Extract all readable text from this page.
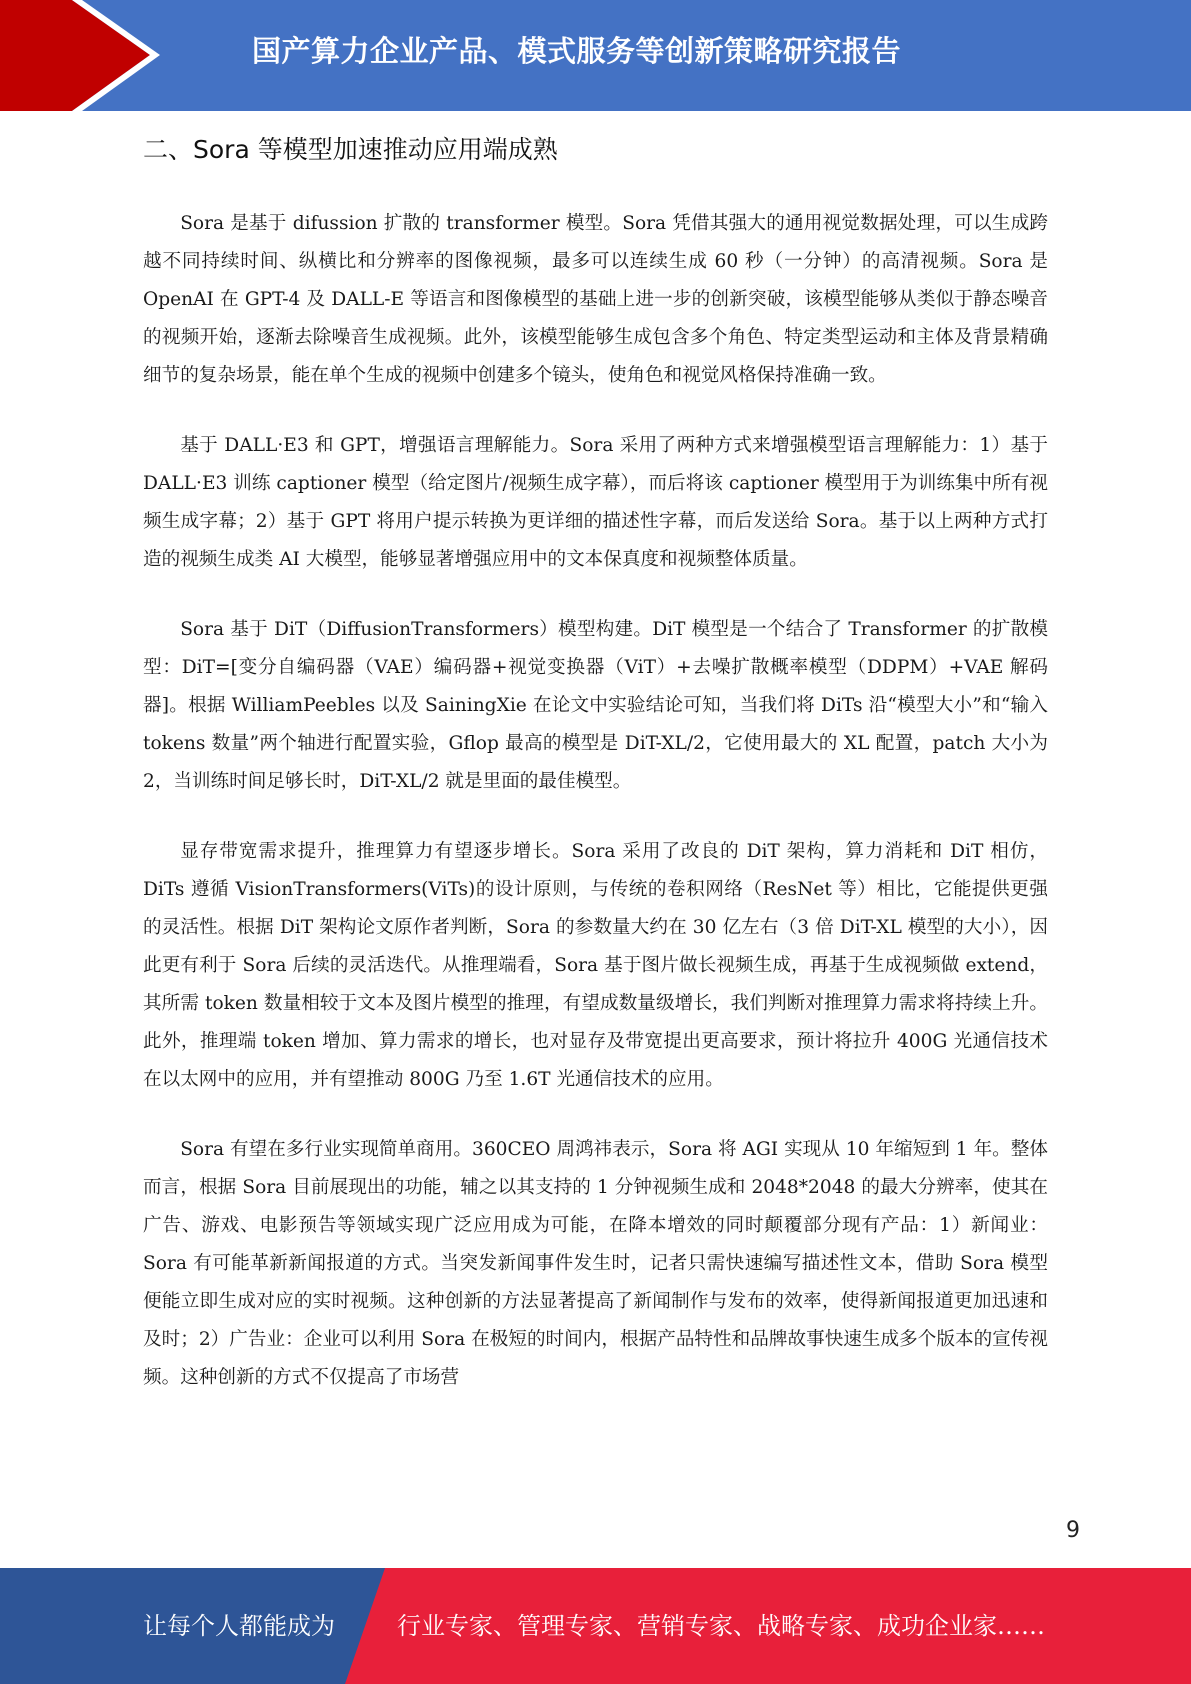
国产算力企业产品、模式服务等创新策略研究报告
二、Sora 等模型加速推动应用端成熟

Sora 是基于 difussion 扩散的 transformer 模型。Sora 凭借其强大的通用视觉数据处理，可以生成跨越不同持续时间、纵横比和分辨率的图像视频，最多可以连续生成 60 秒（一分钟）的高清视频。Sora 是 OpenAI 在 GPT-4 及 DALL-E 等语言和图像模型的基础上进一步的创新突破，该模型能够从类似于静态噪音的视频开始，逐渐去除噪音生成视频。此外，该模型能够生成包含多个角色、特定类型运动和主体及背景精确细节的复杂场景，能在单个生成的视频中创建多个镜头，使角色和视觉风格保持准确一致。

基于 DALL·E3 和 GPT，增强语言理解能力。Sora 采用了两种方式来增强模型语言理解能力：1）基于 DALL·E3 训练 captioner 模型（给定图片/视频生成字幕），而后将该 captioner 模型用于为训练集中所有视频生成字幕；2）基于 GPT 将用户提示转换为更详细的描述性字幕，而后发送给 Sora。基于以上两种方式打造的视频生成类 AI 大模型，能够显著增强应用中的文本保真度和视频整体质量。

Sora 基于 DiT（DiffusionTransformers）模型构建。DiT 模型是一个结合了 Transformer 的扩散模型：DiT=[变分自编码器（VAE）编码器+视觉变换器（ViT）+去噪扩散概率模型（DDPM）+VAE 解码器]。根据 WilliamPeebles 以及 SainingXie 在论文中实验结论可知，当我们将 DiTs 沿“模型大小”和“输入 tokens 数量”两个轴进行配置实验，Gflop 最高的模型是 DiT-XL/2，它使用最大的 XL 配置，patch 大小为 2，当训练时间足够长时，DiT-XL/2 就是里面的最佳模型。

显存带宽需求提升，推理算力有望逐步增长。Sora 采用了改良的 DiT 架构，算力消耗和 DiT 相仿，DiTs 遵循 VisionTransformers(ViTs)的设计原则，与传统的卷积网络（ResNet 等）相比，它能提供更强的灵活性。根据 DiT 架构论文原作者判断，Sora 的参数量大约在 30 亿左右（3 倍 DiT-XL 模型的大小），因此更有利于 Sora 后续的灵活迭代。从推理端看，Sora 基于图片做长视频生成，再基于生成视频做 extend，其所需 token 数量相较于文本及图片模型的推理，有望成数量级增长，我们判断对推理算力需求将持续上升。此外，推理端 token 增加、算力需求的增长，也对显存及带宽提出更高要求，预计将拉升 400G 光通信技术在以太网中的应用，并有望推动 800G 乃至 1.6T 光通信技术的应用。

Sora 有望在多行业实现简单商用。360CEO 周鸿祎表示，Sora 将 AGI 实现从 10 年缩短到 1 年。整体而言，根据 Sora 目前展现出的功能，辅之以其支持的 1 分钟视频生成和 2048*2048 的最大分辨率，使其在广告、游戏、电影预告等领域实现广泛应用成为可能，在降本增效的同时颠覆部分现有产品：1）新闻业：Sora 有可能革新新闻报道的方式。当突发新闻事件发生时，记者只需快速编写描述性文本，借助 Sora 模型便能立即生成对应的实时视频。这种创新的方法显著提高了新闻制作与发布的效率，使得新闻报道更加迅速和及时；2）广告业：企业可以利用 Sora 在极短的时间内，根据产品特性和品牌故事快速生成多个版本的宣传视频。这种创新的方式不仅提高了市场营

9
让每个人都能成为	行业专家、管理专家、营销专家、战略专家、成功企业家……
